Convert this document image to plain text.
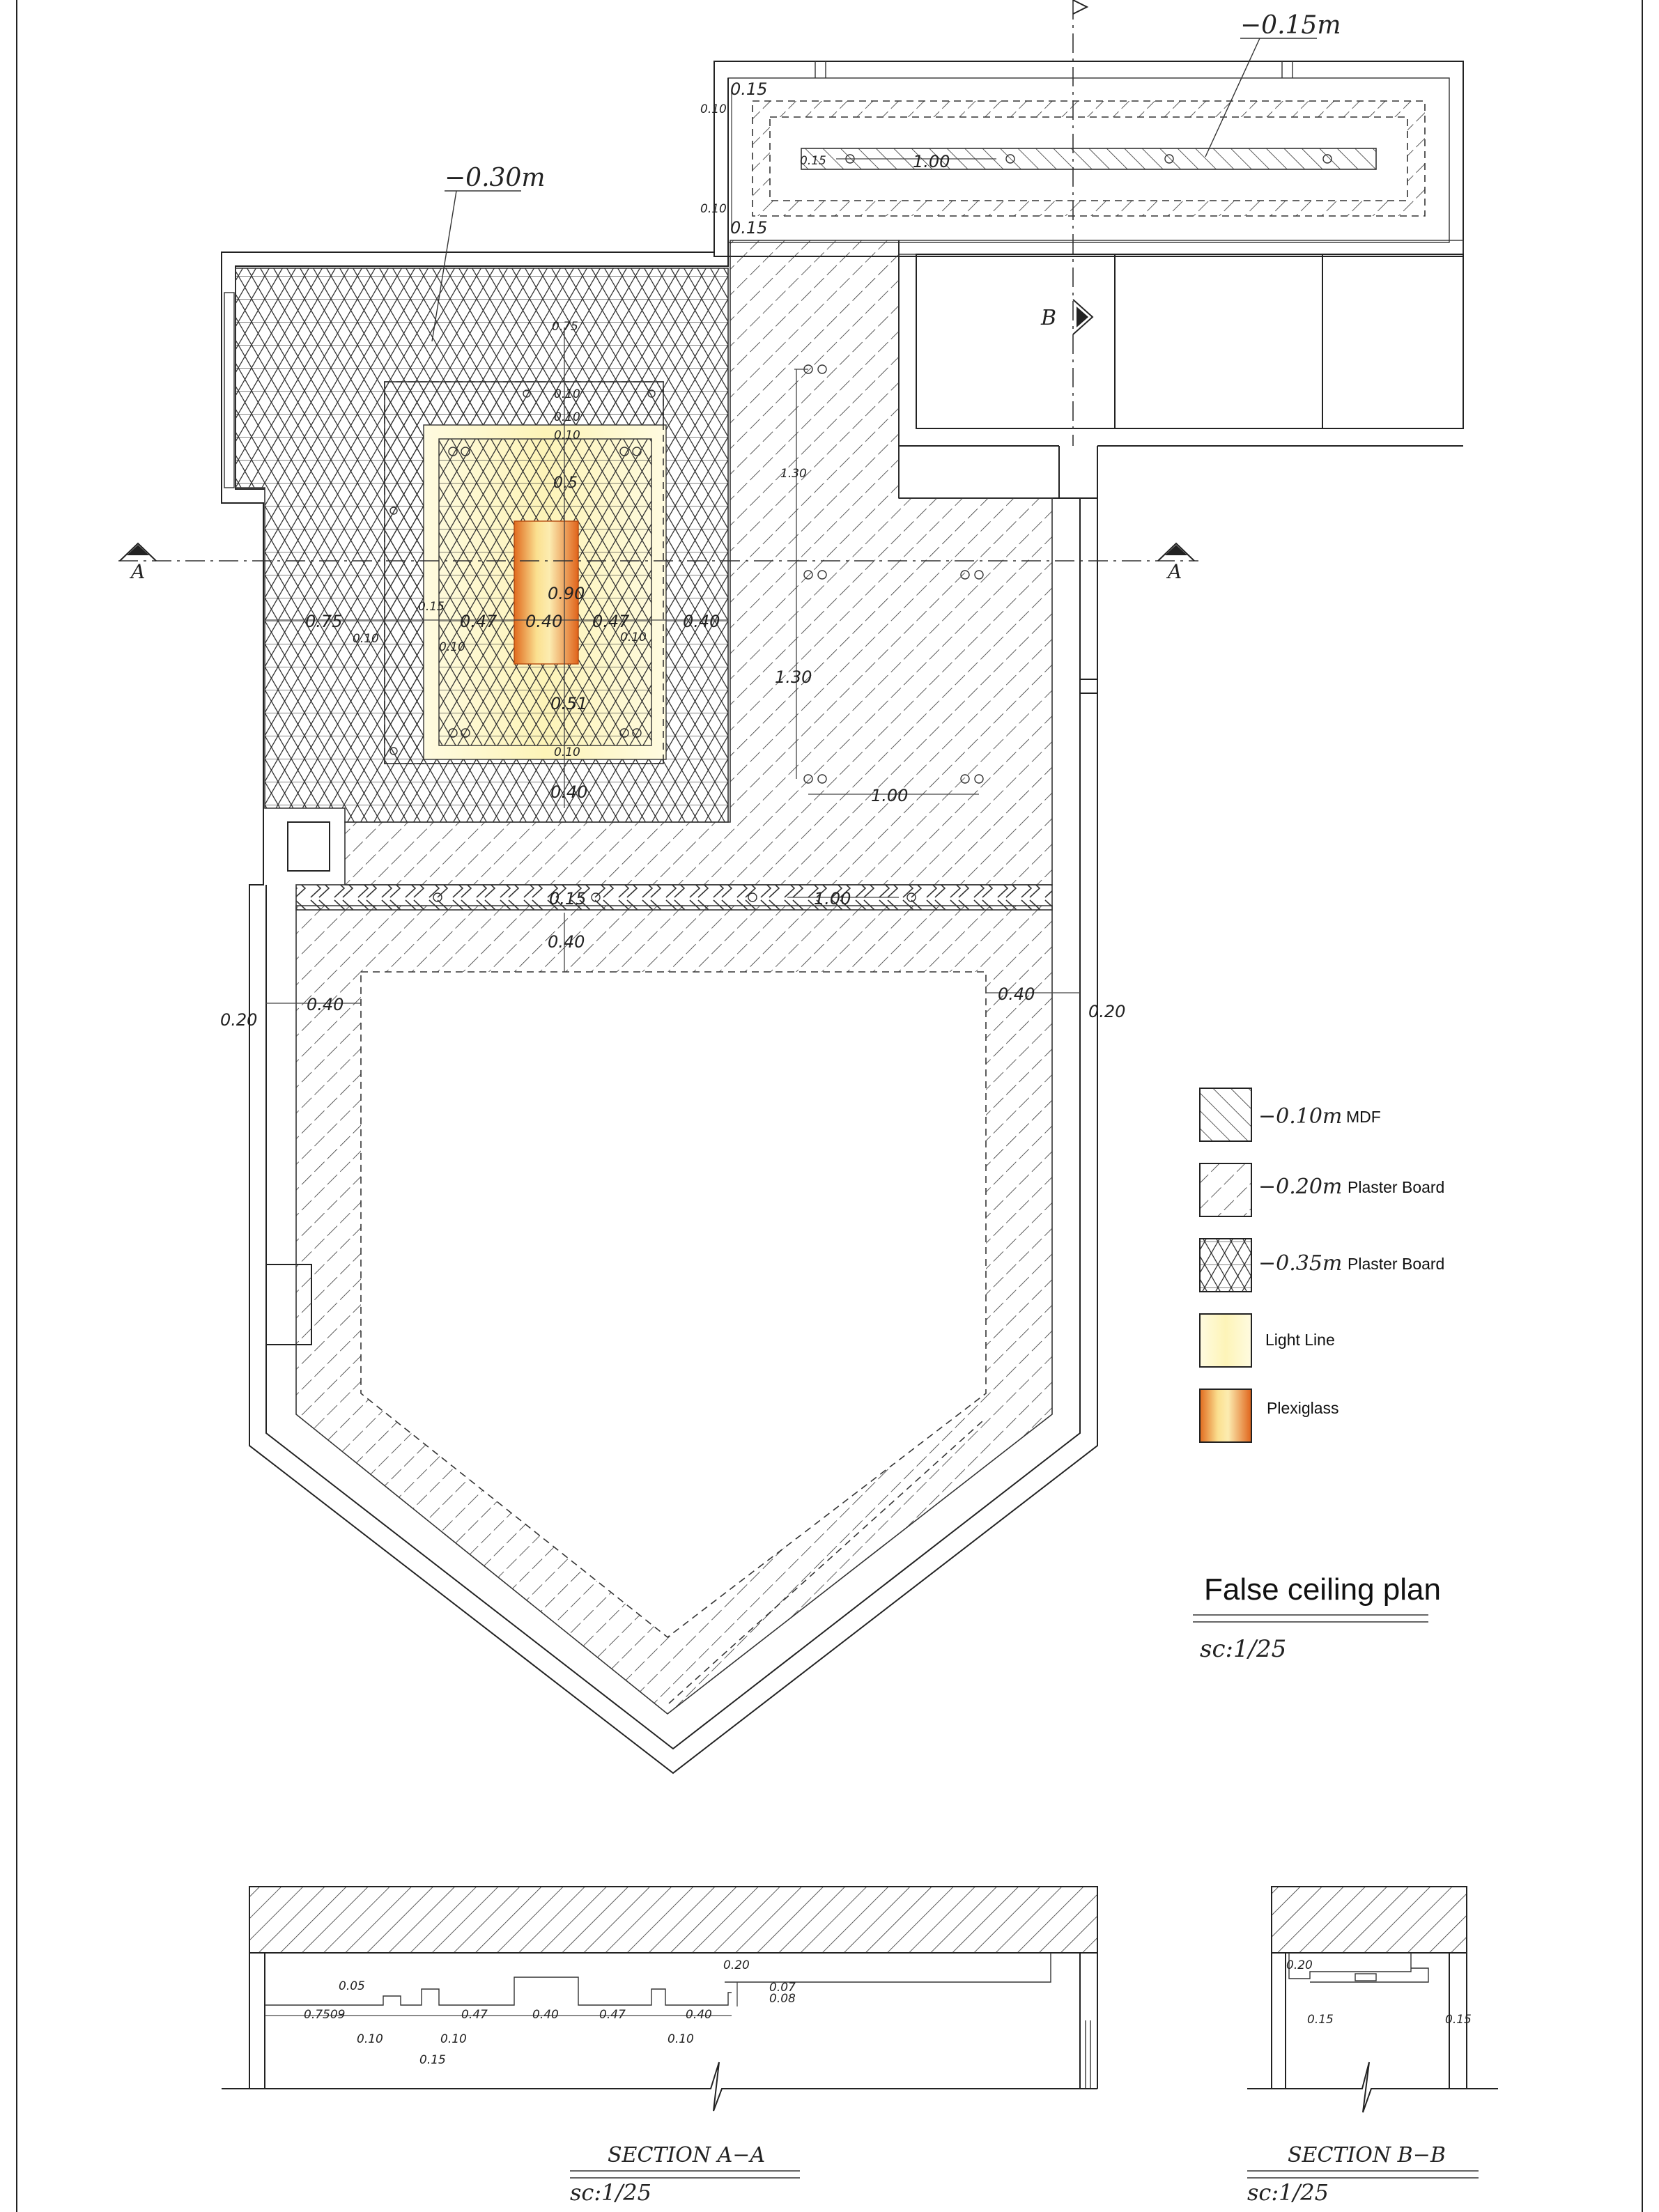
A	A
B
−0.15m
−0.30m
0.15
0.10
0.10
0.15
0.15	1.00
0.75
0.10
0.10
0.10
0.5
0.90
0.75
0.10
0.15
0.47 0.40 0.47
0.10
0.40
0.10
0.51
0.10
0.40
1.30
1.30
1.00
0.15	1.00
0.40
0.40
0.20
0.40
0.20
−0.10m MDF
−0.20m Plaster Board
−0.35m Plaster Board
Light Line
Plexiglass
False ceiling plan
sc:1/25
0.05
0.7509	0.47	0.40	0.47	0.40
0.10	0.10
0.15
0.10
0.20
0.07
0.08
SECTION A−A
sc:1/25
0.20
0.15	0.15
SECTION B−B
sc:1/25
